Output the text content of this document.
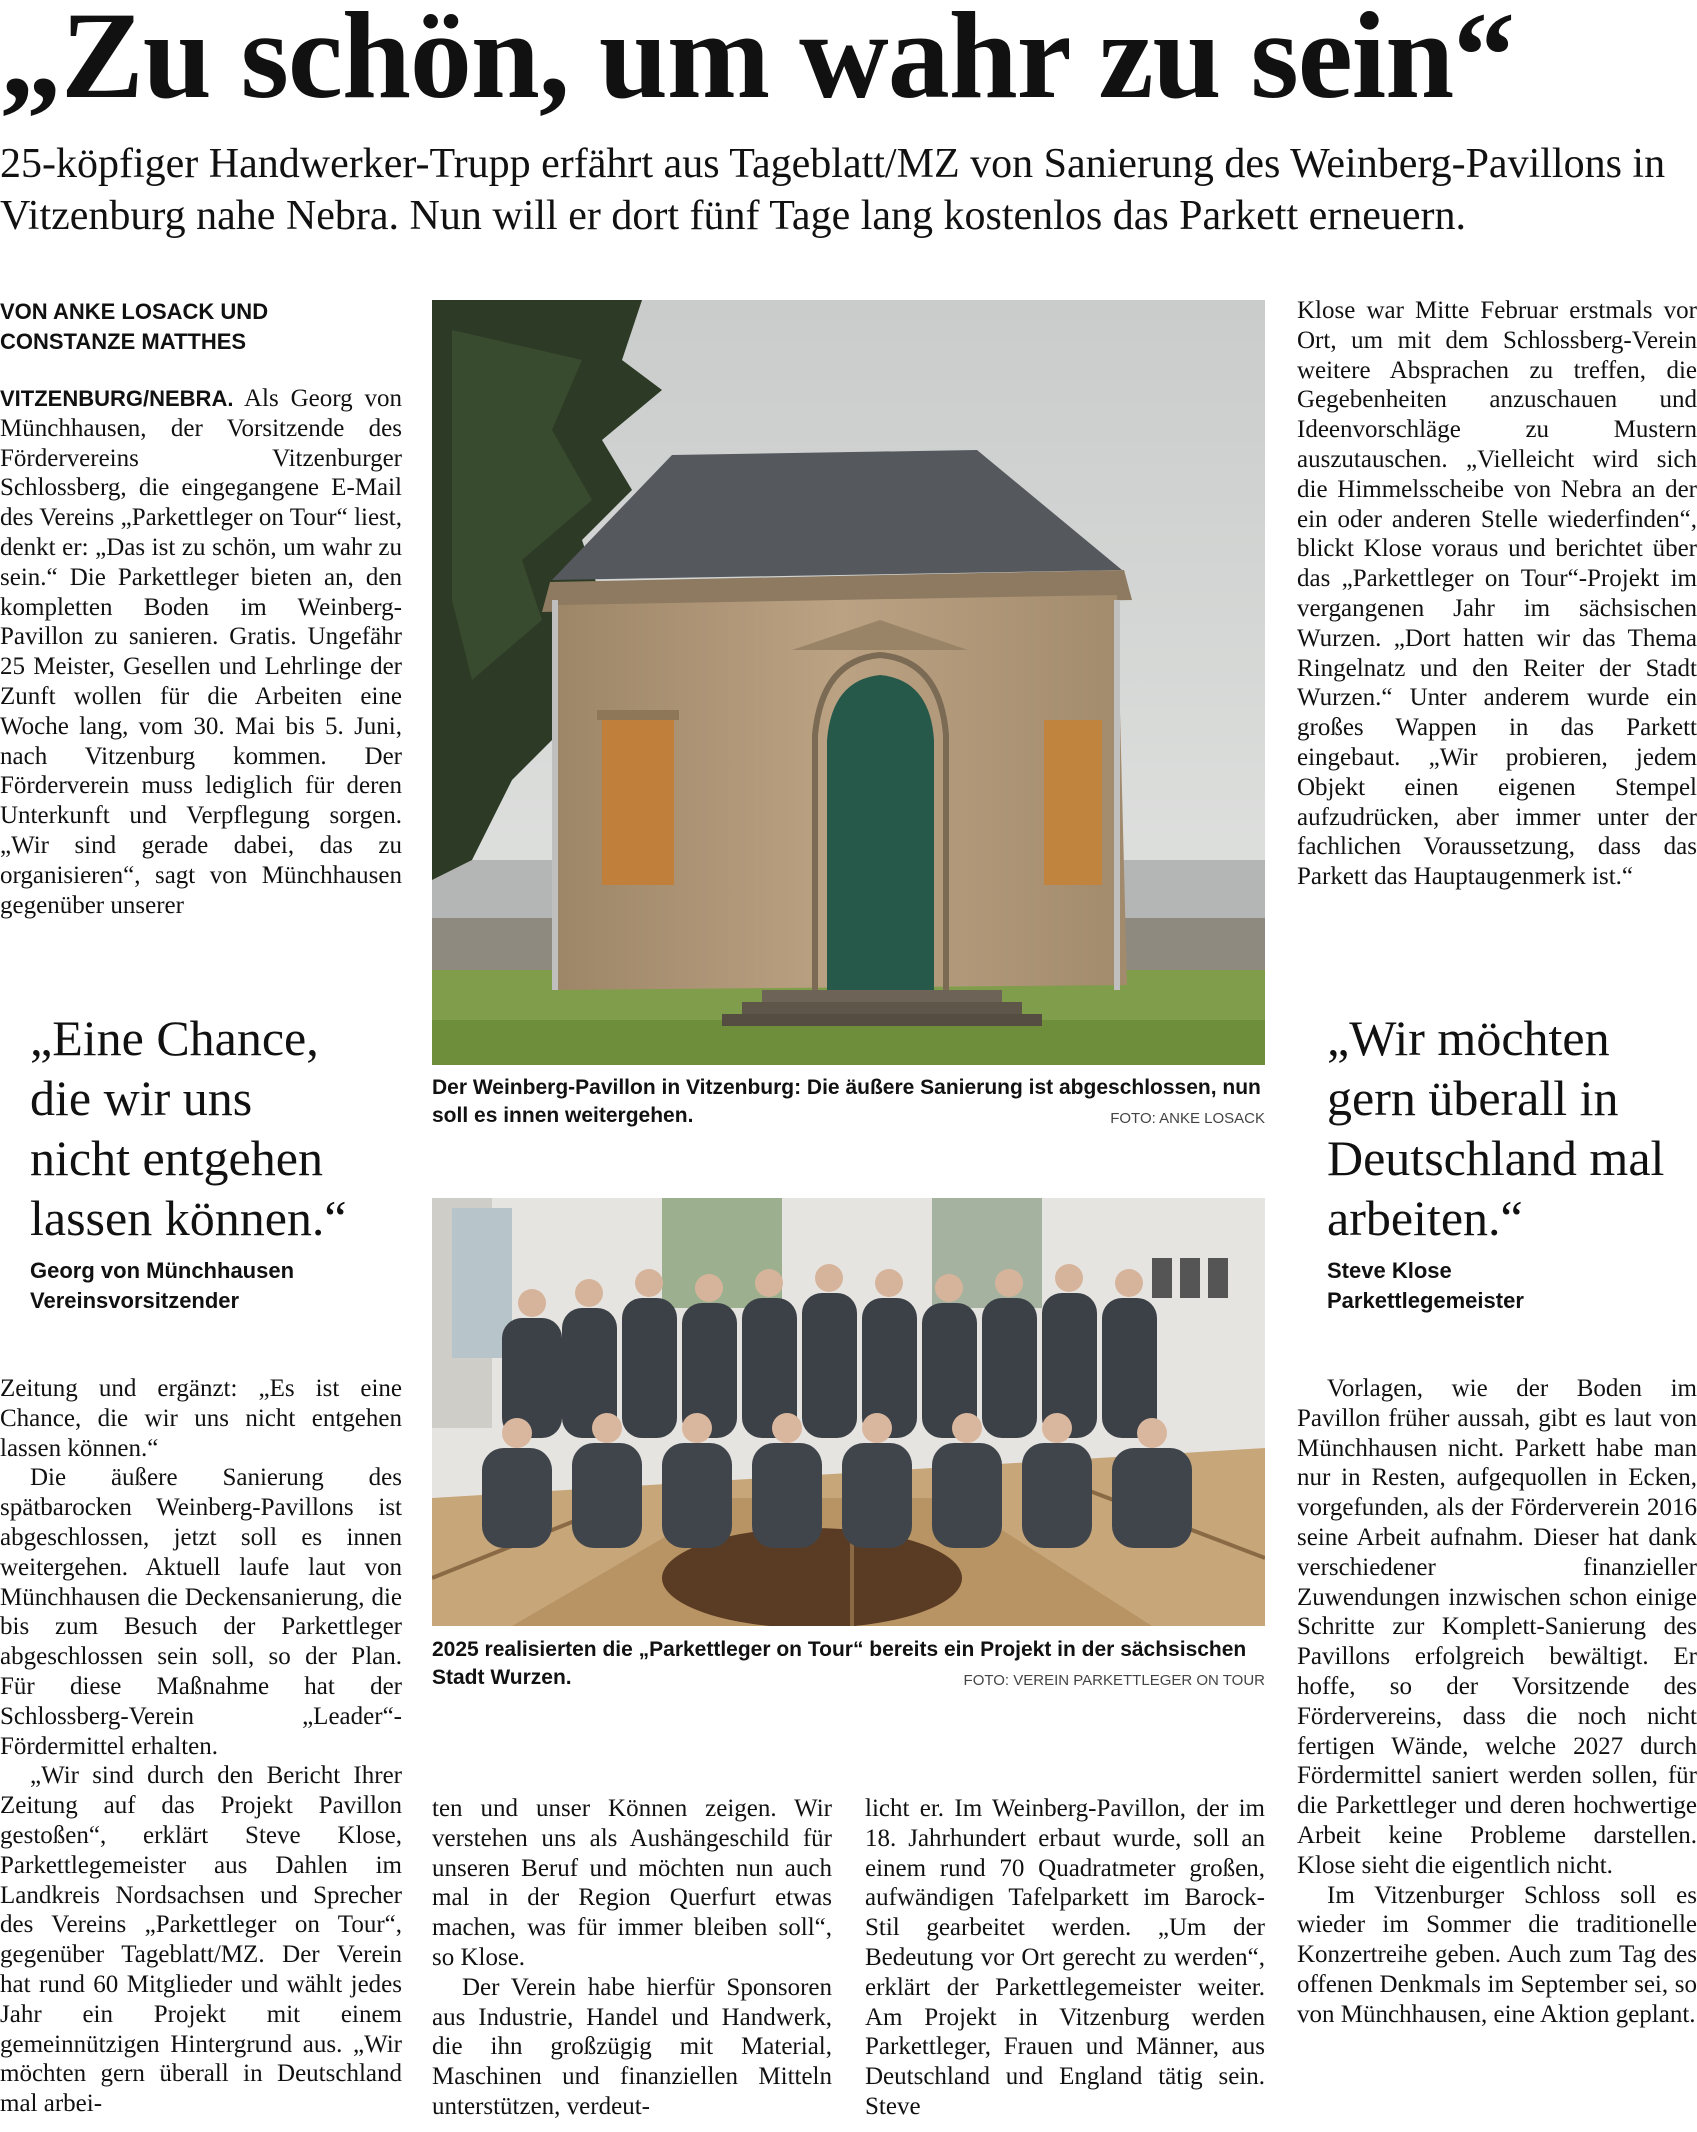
„Zu schön, um wahr zu sein“
25-köpfiger Handwerker-Trupp erfährt aus Tageblatt/MZ von Sanierung des Weinberg-Pavillons in Vitzenburg nahe Nebra. Nun will er dort fünf Tage lang kostenlos das Parkett erneuern.
VON ANKE LOSACK UND
CONSTANZE MATTHES

VITZENBURG/NEBRA. Als Georg von Münchhausen, der Vorsitzende des Fördervereins Vitzenburger Schlossberg, die eingegangene E-Mail des Vereins „Parkettleger on Tour“ liest, denkt er: „Das ist zu schön, um wahr zu sein.“ Die Parkettleger bieten an, den kompletten Boden im Weinberg-Pavillon zu sanieren. Gratis. Ungefähr 25 Meister, Gesellen und Lehrlinge der Zunft wollen für die Arbeiten eine Woche lang, vom 30. Mai bis 5. Juni, nach Vitzenburg kommen. Der Förderverein muss lediglich für deren Unterkunft und Verpflegung sorgen. „Wir sind gerade dabei, das zu organisieren“, sagt von Münchhausen gegenüber unserer

„Eine Chance, die wir uns nicht entgehen lassen können.“
Georg von Münchhausen
Vereinsvorsitzender

Zeitung und ergänzt: „Es ist eine Chance, die wir uns nicht entgehen lassen können.“

Die äußere Sanierung des spätbarocken Weinberg-Pavillons ist abgeschlossen, jetzt soll es innen weitergehen. Aktuell laufe laut von Münchhausen die Deckensanierung, die bis zum Besuch der Parkettleger abgeschlossen sein soll, so der Plan. Für diese Maßnahme hat der Schlossberg-Verein „Leader“-Fördermittel erhalten.

„Wir sind durch den Bericht Ihrer Zeitung auf das Projekt Pavillon gestoßen“, erklärt Steve Klose, Parkettlegemeister aus Dahlen im Landkreis Nordsachsen und Sprecher des Vereins „Parkettleger on Tour“, gegenüber Tageblatt/MZ. Der Verein hat rund 60 Mitglieder und wählt jedes Jahr ein Projekt mit einem gemeinnützigen Hintergrund aus. „Wir möchten gern überall in Deutschland mal arbei-

Der Weinberg-Pavillon in Vitzenburg: Die äußere Sanierung ist abgeschlossen, nun soll es innen weitergehen.	FOTO: ANKE LOSACK
2025 realisierten die „Parkettleger on Tour“ bereits ein Projekt in der sächsischen Stadt Wurzen.	FOTO: VEREIN PARKETTLEGER ON TOUR

ten und unser Können zeigen. Wir verstehen uns als Aushängeschild für unseren Beruf und möchten nun auch mal in der Region Querfurt etwas machen, was für immer bleiben soll“, so Klose.

Der Verein habe hierfür Sponsoren aus Industrie, Handel und Handwerk, die ihn großzügig mit Material, Maschinen und finanziellen Mitteln unterstützen, verdeut-

licht er. Im Weinberg-Pavillon, der im 18. Jahrhundert erbaut wurde, soll an einem rund 70 Quadratmeter großen, aufwändigen Tafelparkett im Barock-Stil gearbeitet werden. „Um der Bedeutung vor Ort gerecht zu werden“, erklärt der Parkettlegemeister weiter. Am Projekt in Vitzenburg werden Parkettleger, Frauen und Männer, aus Deutschland und England tätig sein. Steve

Klose war Mitte Februar erstmals vor Ort, um mit dem Schlossberg-Verein weitere Absprachen zu treffen, die Gegebenheiten anzuschauen und Ideenvorschläge zu Mustern auszutauschen. „Vielleicht wird sich die Himmelsscheibe von Nebra an der ein oder anderen Stelle wiederfinden“, blickt Klose voraus und berichtet über das „Parkettleger on Tour“-Projekt im vergangenen Jahr im sächsischen Wurzen. „Dort hatten wir das Thema Ringelnatz und den Reiter der Stadt Wurzen.“ Unter anderem wurde ein großes Wappen in das Parkett eingebaut. „Wir probieren, jedem Objekt einen eigenen Stempel aufzudrücken, aber immer unter der fachlichen Voraussetzung, dass das Parkett das Hauptaugenmerk ist.“

„Wir möchten gern überall in Deutschland mal arbeiten.“
Steve Klose
Parkettlegemeister

Vorlagen, wie der Boden im Pavillon früher aussah, gibt es laut von Münchhausen nicht. Parkett habe man nur in Resten, aufgequollen in Ecken, vorgefunden, als der Förderverein 2016 seine Arbeit aufnahm. Dieser hat dank verschiedener finanzieller Zuwendungen inzwischen schon einige Schritte zur Komplett-Sanierung des Pavillons erfolgreich bewältigt. Er hoffe, so der Vorsitzende des Fördervereins, dass die noch nicht fertigen Wände, welche 2027 durch Fördermittel saniert werden sollen, für die Parkettleger und deren hochwertige Arbeit keine Probleme darstellen. Klose sieht die eigentlich nicht.

Im Vitzenburger Schloss soll es wieder im Sommer die traditionelle Konzertreihe geben. Auch zum Tag des offenen Denkmals im September sei, so von Münchhausen, eine Aktion geplant.
